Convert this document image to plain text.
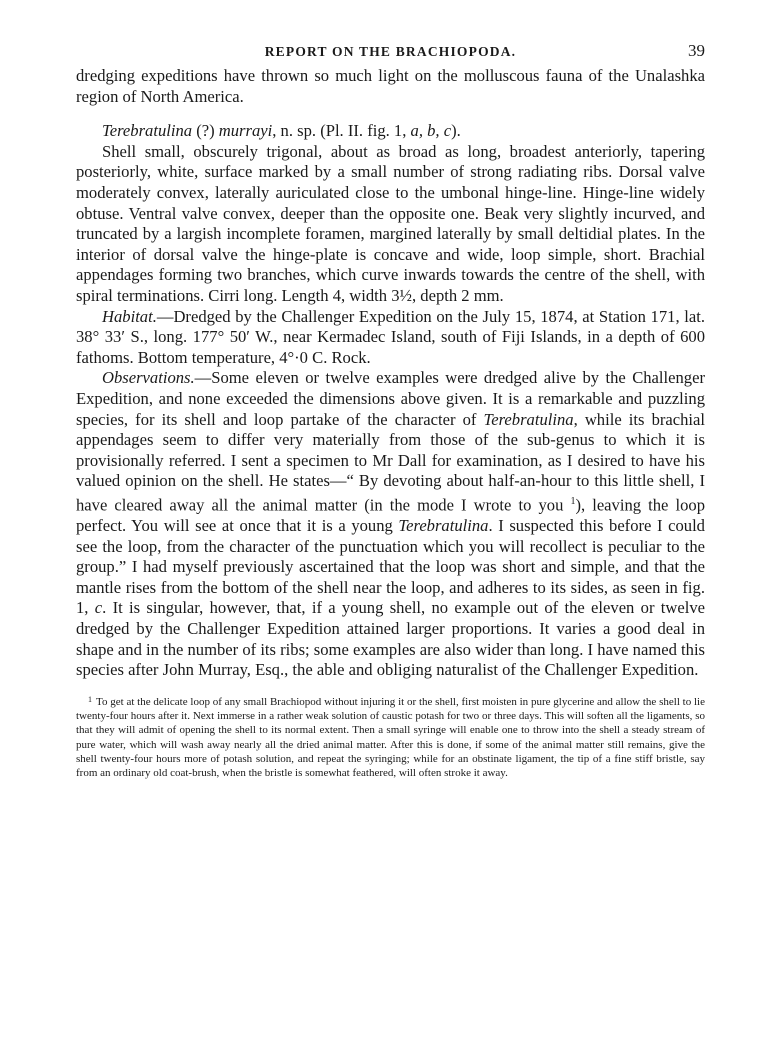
REPORT ON THE BRACHIOPODA.	39

dredging expeditions have thrown so much light on the molluscous fauna of the Unalashka region of North America.

Terebratulina (?) murrayi, n. sp. (Pl. II. fig. 1, a, b, c).

Shell small, obscurely trigonal, about as broad as long, broadest anteriorly, tapering posteriorly, white, surface marked by a small number of strong radiating ribs. Dorsal valve moderately convex, laterally auriculated close to the umbonal hinge-line. Hinge-line widely obtuse. Ventral valve convex, deeper than the opposite one. Beak very slightly incurved, and truncated by a largish incomplete foramen, margined laterally by small deltidial plates. In the interior of dorsal valve the hinge-plate is concave and wide, loop simple, short. Brachial appendages forming two branches, which curve inwards towards the centre of the shell, with spiral terminations. Cirri long. Length 4, width 3½, depth 2 mm.

Habitat.—Dredged by the Challenger Expedition on the July 15, 1874, at Station 171, lat. 38° 33′ S., long. 177° 50′ W., near Kermadec Island, south of Fiji Islands, in a depth of 600 fathoms. Bottom temperature, 4°·0 C. Rock.

Observations.—Some eleven or twelve examples were dredged alive by the Challenger Expedition, and none exceeded the dimensions above given. It is a remarkable and puzzling species, for its shell and loop partake of the character of Terebratulina, while its brachial appendages seem to differ very materially from those of the sub-genus to which it is provisionally referred. I sent a specimen to Mr Dall for examination, as I desired to have his valued opinion on the shell. He states—“ By devoting about half-an-hour to this little shell, I have cleared away all the animal matter (in the mode I wrote to you $^1$), leaving the loop perfect. You will see at once that it is a young Terebratulina. I suspected this before I could see the loop, from the character of the punctuation which you will recollect is peculiar to the group.” I had myself previously ascertained that the loop was short and simple, and that the mantle rises from the bottom of the shell near the loop, and adheres to its sides, as seen in fig. 1, c. It is singular, however, that, if a young shell, no example out of the eleven or twelve dredged by the Challenger Expedition attained larger proportions. It varies a good deal in shape and in the number of its ribs; some examples are also wider than long. I have named this species after John Murray, Esq., the able and obliging naturalist of the Challenger Expedition.

$^1$ To get at the delicate loop of any small Brachiopod without injuring it or the shell, first moisten in pure glycerine and allow the shell to lie twenty-four hours after it. Next immerse in a rather weak solution of caustic potash for two or three days. This will soften all the ligaments, so that they will admit of opening the shell to its normal extent. Then a small syringe will enable one to throw into the shell a steady stream of pure water, which will wash away nearly all the dried animal matter. After this is done, if some of the animal matter still remains, give the shell twenty-four hours more of potash solution, and repeat the syringing; while for an obstinate ligament, the tip of a fine stiff bristle, say from an ordinary old coat-brush, when the bristle is somewhat feathered, will often stroke it away.
